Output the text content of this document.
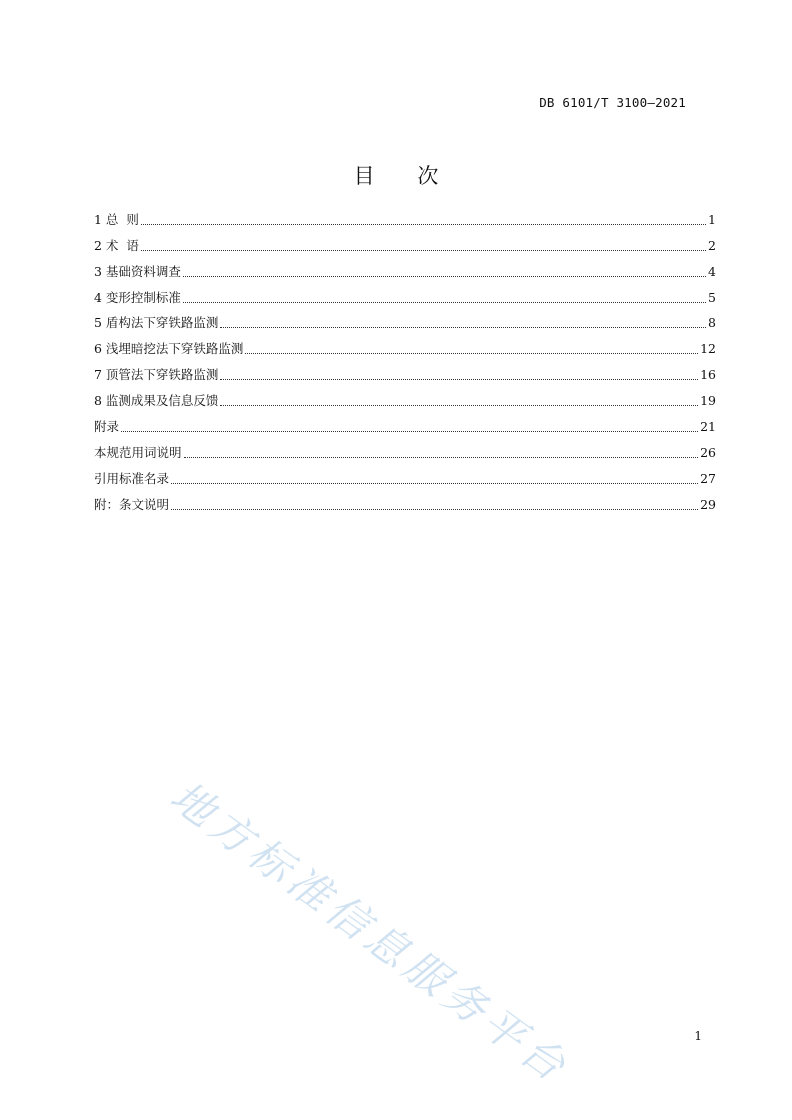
DB 6101/T 3100—2021
目 次
1 总  则	1
2 术  语	2
3 基础资料调查	4
4 变形控制标准	5
5 盾构法下穿铁路监测	8
6 浅埋暗挖法下穿铁路监测	12
7 顶管法下穿铁路监测	16
8 监测成果及信息反馈	19
附录	21
本规范用词说明	26
引用标准名录	27
附：条文说明	29
地方标准信息服务平台	1
